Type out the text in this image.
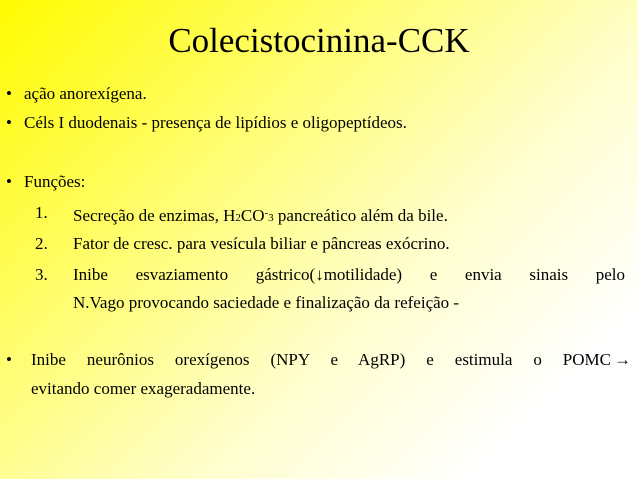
Colecistocinina-CCK
• ação anorexígena.
• Céls I duodenais - presença de lipídios e oligopeptídeos.
• Funções:
1.	Secreção de enzimas, H2CO-3 pancreático além da bile.
2.	Fator de cresc. para vesícula biliar e pâncreas exócrino.
3.	Inibe esvaziamento gástrico(↓motilidade) e envia sinais pelo
N.Vago provocando saciedade e finalização da refeição -
•	Inibe neurônios orexígenos (NPY e AgRP) e estimula o POMC →
evitando comer exageradamente.
